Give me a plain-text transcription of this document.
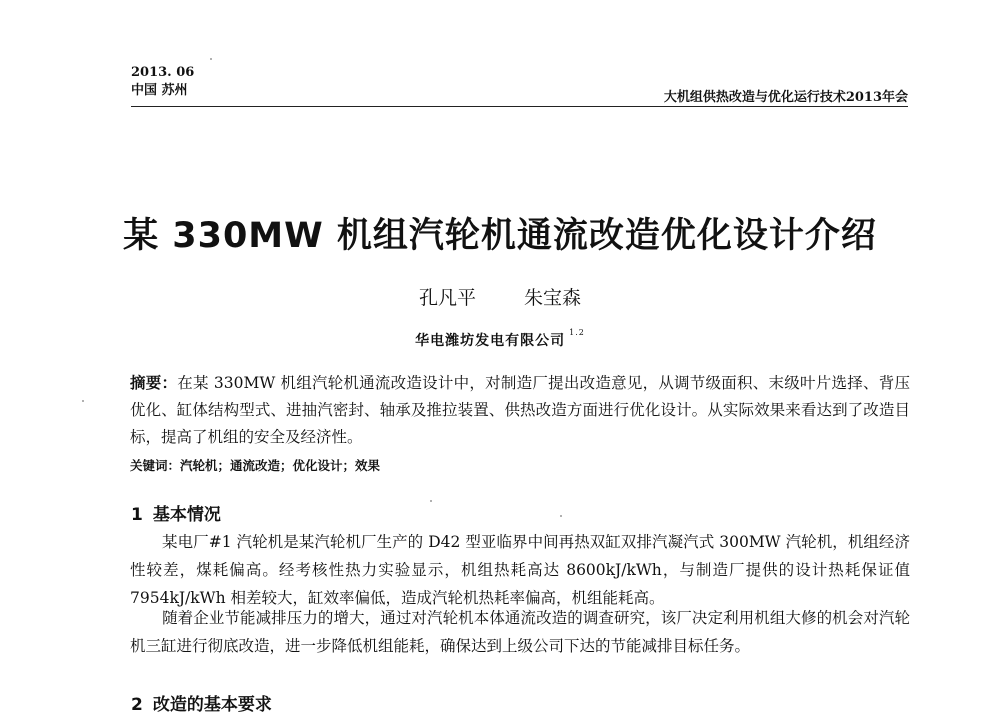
2013. 06
中国 苏州	大机组供热改造与优化运行技术2013年会
某 330MW 机组汽轮机通流改造优化设计介绍
孔凡平	朱宝森
华电潍坊发电有限公司$^{1.2}$
摘要：在某 330MW 机组汽轮机通流改造设计中，对制造厂提出改造意见，从调节级面积、末级叶片选择、背压优化、缸体结构型式、进抽汽密封、轴承及推拉装置、供热改造方面进行优化设计。从实际效果来看达到了改造目标，提高了机组的安全及经济性。
关键词：汽轮机；通流改造；优化设计；效果
1 基本情况
某电厂#1 汽轮机是某汽轮机厂生产的 D42 型亚临界中间再热双缸双排汽凝汽式 300MW 汽轮机，机组经济性较差，煤耗偏高。经考核性热力实验显示，机组热耗高达 8600kJ/kWh，与制造厂提供的设计热耗保证值 7954kJ/kWh 相差较大，缸效率偏低，造成汽轮机热耗率偏高，机组能耗高。
随着企业节能减排压力的增大，通过对汽轮机本体通流改造的调查研究，该厂决定利用机组大修的机会对汽轮机三缸进行彻底改造，进一步降低机组能耗，确保达到上级公司下达的节能减排目标任务。
2 改造的基本要求
